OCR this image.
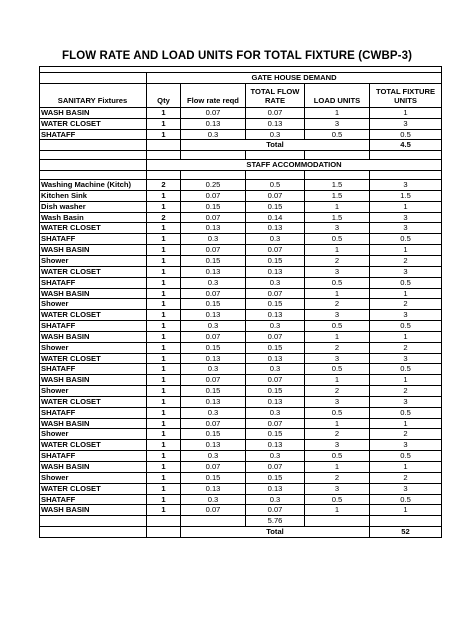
FLOW RATE AND LOAD UNITS FOR TOTAL FIXTURE (CWBP-3)

	GATE HOUSE DEMAND				
SANITARY Fixtures	Qty	Flow rate reqd	TOTAL FLOW RATE	LOAD UNITS	TOTAL FIXTURE UNITS
WASH BASIN	1	0.07	0.07	1	1
WATER CLOSET	1	0.13	0.13	3	3
SHATAFF	1	0.3	0.3	0.5	0.5
		Total			4.5

	STAFF ACCOMMODATION				

Washing Machine (Kitch)	2	0.25	0.5	1.5	3
Kitchen Sink	1	0.07	0.07	1.5	1.5
Dish washer	1	0.15	0.15	1	1
Wash Basin	2	0.07	0.14	1.5	3
WATER CLOSET	1	0.13	0.13	3	3
SHATAFF	1	0.3	0.3	0.5	0.5
WASH BASIN	1	0.07	0.07	1	1
Shower	1	0.15	0.15	2	2
WATER CLOSET	1	0.13	0.13	3	3
SHATAFF	1	0.3	0.3	0.5	0.5
WASH BASIN	1	0.07	0.07	1	1
Shower	1	0.15	0.15	2	2
WATER CLOSET	1	0.13	0.13	3	3
SHATAFF	1	0.3	0.3	0.5	0.5
WASH BASIN	1	0.07	0.07	1	1
Shower	1	0.15	0.15	2	2
WATER CLOSET	1	0.13	0.13	3	3
SHATAFF	1	0.3	0.3	0.5	0.5
WASH BASIN	1	0.07	0.07	1	1
Shower	1	0.15	0.15	2	2
WATER CLOSET	1	0.13	0.13	3	3
SHATAFF	1	0.3	0.3	0.5	0.5
WASH BASIN	1	0.07	0.07	1	1
Shower	1	0.15	0.15	2	2
WATER CLOSET	1	0.13	0.13	3	3
SHATAFF	1	0.3	0.3	0.5	0.5
WASH BASIN	1	0.07	0.07	1	1
Shower	1	0.15	0.15	2	2
WATER CLOSET	1	0.13	0.13	3	3
SHATAFF	1	0.3	0.3	0.5	0.5
WASH BASIN	1	0.07	0.07	1	1
			5.76		
		Total			52
